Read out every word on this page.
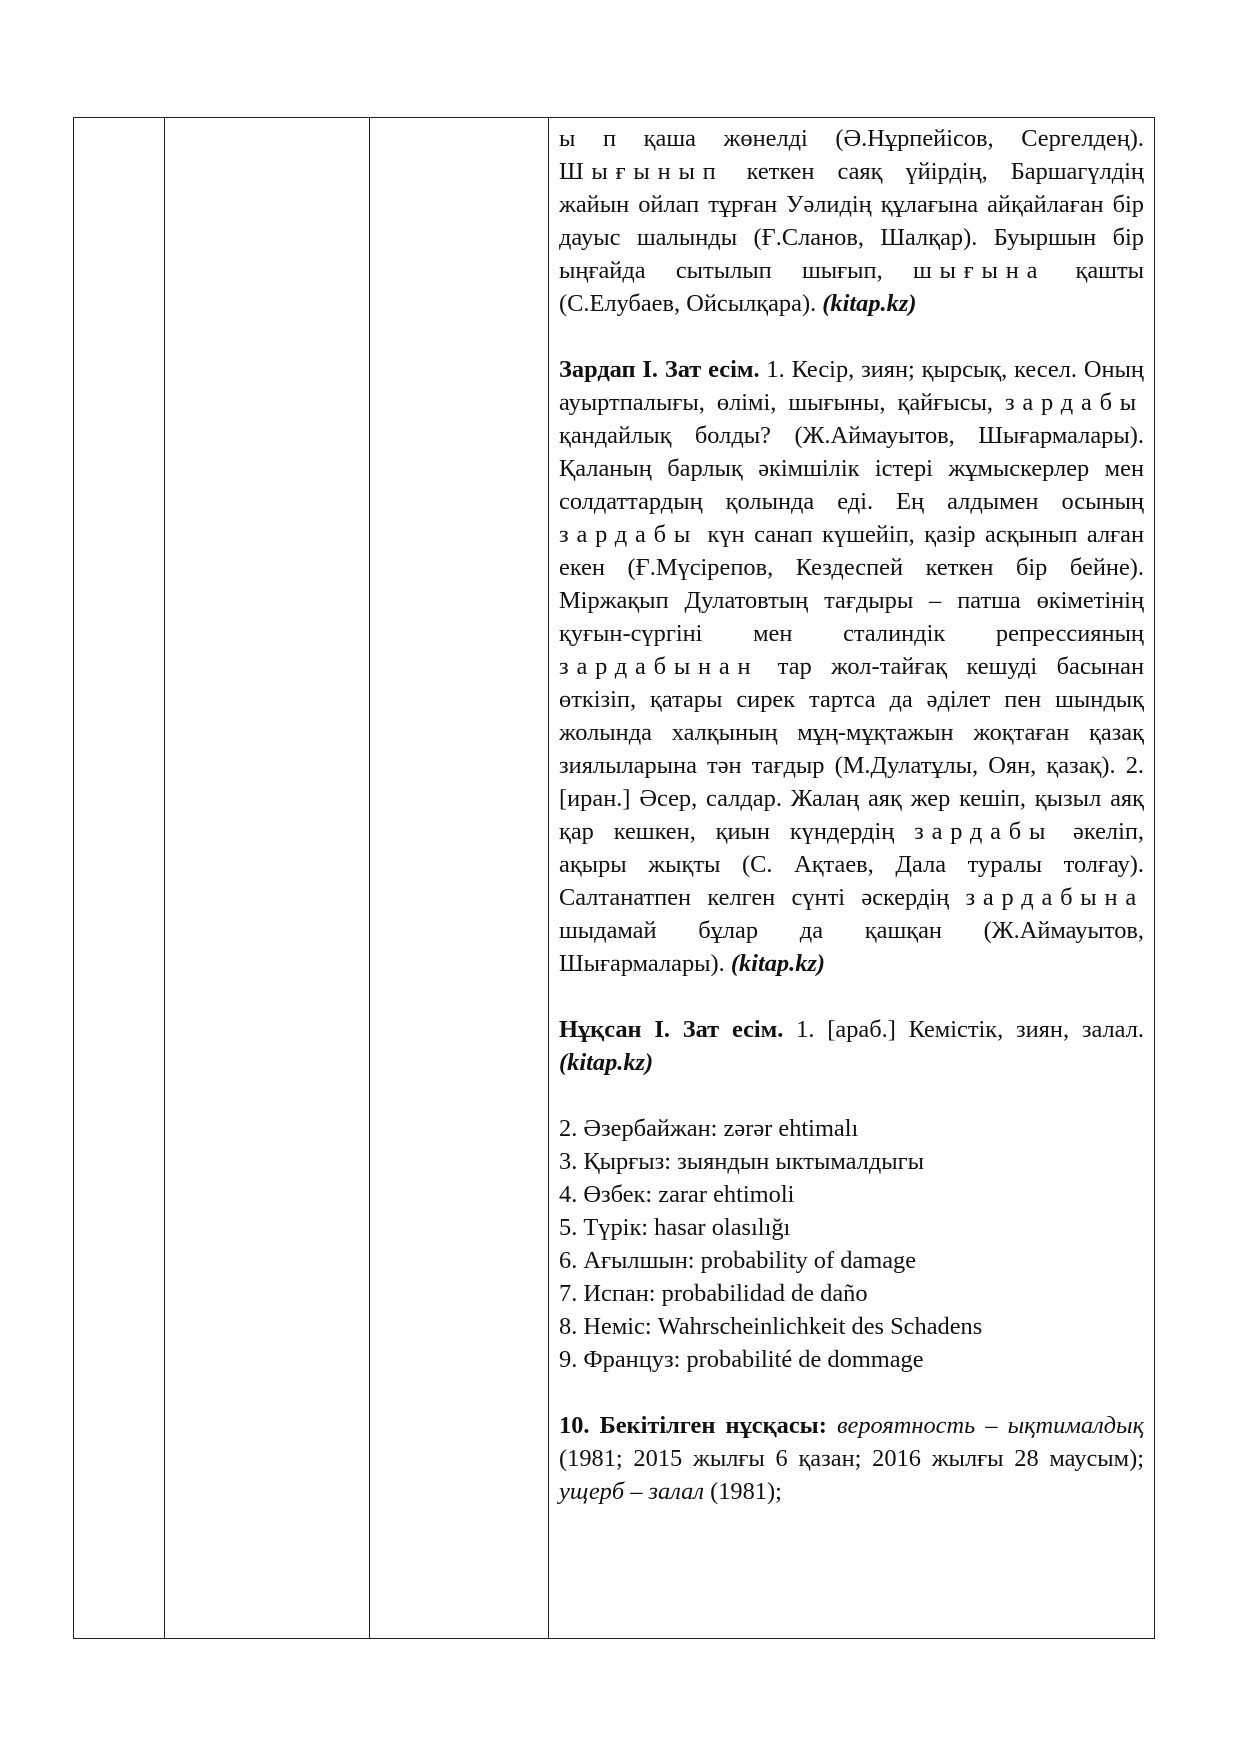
ы п қаша жөнелді (Ә.Нұрпейісов, Сергелдең). Шығынып кеткен саяқ үйірдің, Баршагүлдің жайын ойлап тұрған Уәлидің құлағына айқайлаған бір дауыс шалынды (Ғ.Сланов, Шалқар). Буыршын бір ыңғайда сытылып шығып, шығына қашты (С.Елубаев, Ойсылқара). (kitap.kz)

Зардап І. Зат есім. 1. Кесір, зиян; қырсық, кесел. Оның ауыртпалығы, өлімі, шығыны, қайғысы, зардабы қандайлық болды? (Ж.Аймауытов, Шығармалары). Қаланың барлық әкімшілік істері жұмыскерлер мен солдаттардың қолында еді. Ең алдымен осының зардабы күн санап күшейіп, қазір асқынып алған екен (Ғ.Мүсірепов, Кездеспей кеткен бір бейне). Міржақып Дулатовтың тағдыры – патша өкіметінің қуғын-сүргіні мен сталиндік репрессияның зардабынан тар жол-тайғақ кешуді басынан өткізіп, қатары сирек тартса да әділет пен шындық жолында халқының мұң-мұқтажын жоқтаған қазақ зиялыларына тән тағдыр (М.Дулатұлы, Оян, қазақ). 2. [иран.] Әсер, салдар. Жалаң аяқ жер кешіп, қызыл аяқ қар кешкен, қиын күндердің зардабы әкеліп, ақыры жықты (С. Ақтаев, Дала туралы толғау). Салтанатпен келген сүнті әскердің зардабына шыдамай бұлар да қашқан (Ж.Аймауытов, Шығармалары). (kitap.kz)

Нұқсан І. Зат есім. 1. [араб.] Кемістік, зиян, залал. (kitap.kz)

2. Әзербайжан: zərər ehtimalı

3. Қырғыз: зыяндын ыктымалдыгы

4. Өзбек: zarar ehtimoli

5. Түрік: hasar olasılığı

6. Ағылшын: probability of damage

7. Испан: probabilidad de daño

8. Неміс: Wahrscheinlichkeit des Schadens

9. Француз: probabilité de dommage

10. Бекітілген нұсқасы: вероятность – ықтималдық (1981; 2015 жылғы 6 қазан; 2016 жылғы 28 маусым); ущерб – залал (1981);
